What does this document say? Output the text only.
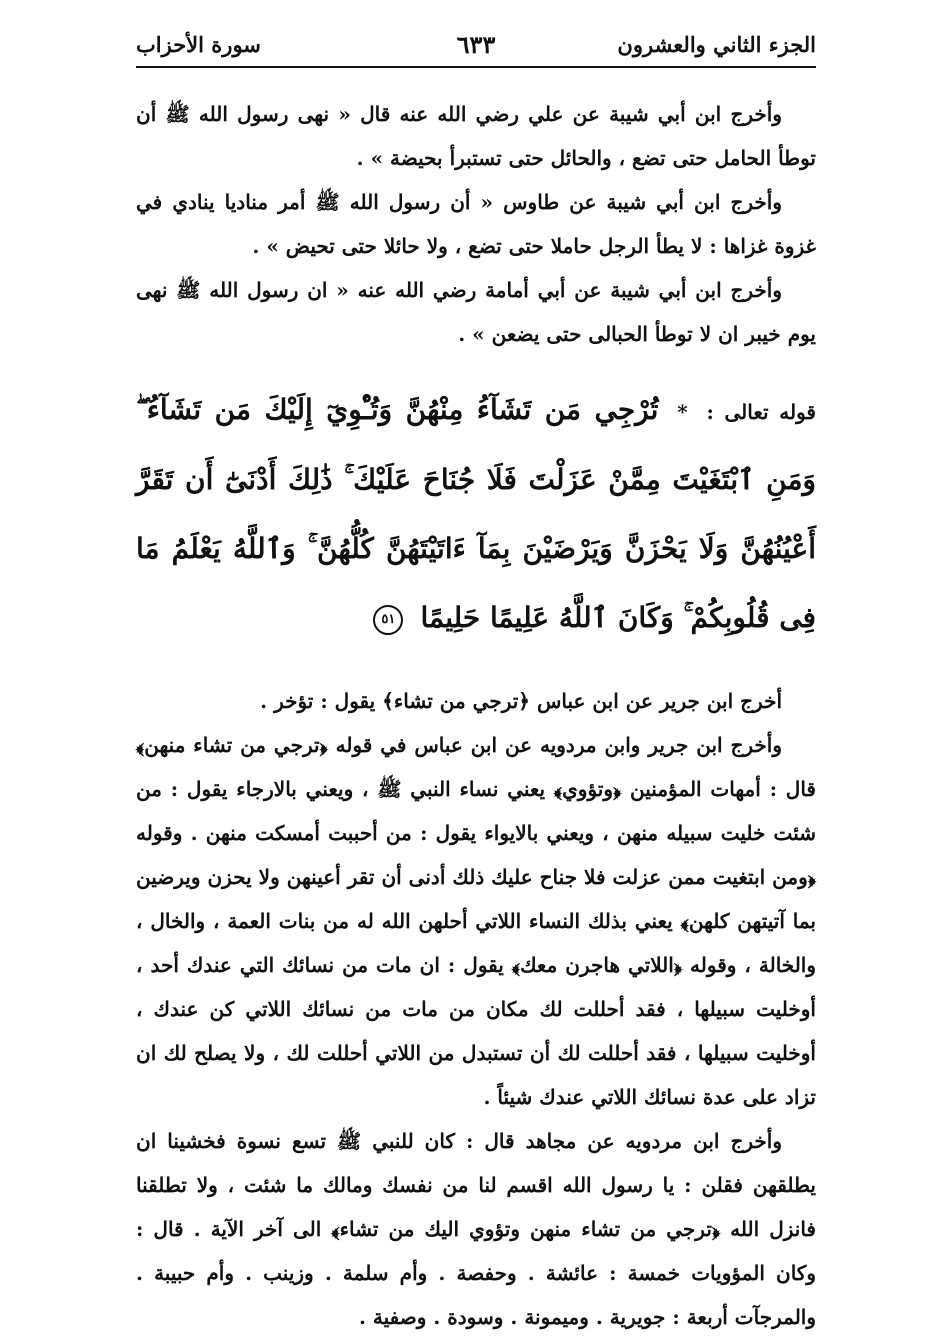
الجزء الثاني والعشرون
٦٣٣
سورة الأحزاب

وأخرج ابن أبي شيبة عن علي رضي الله عنه قال « نهى رسول الله ﷺ أن توطأ الحامل حتى تضع ، والحائل حتى تستبرأ بحيضة » .

وأخرج ابن أبي شيبة عن طاوس « أن رسول الله ﷺ أمر مناديا ينادي في غزوة غزاها : لا يطأ الرجل حاملا حتى تضع ، ولا حائلا حتى تحيض » .

وأخرج ابن أبي شيبة عن أبي أمامة رضي الله عنه « ان رسول الله ﷺ نهى يوم خيبر ان لا توطأ الحبالى حتى يضعن » .

قوله تعالى : * تُرْجِي مَن تَشَآءُ مِنْهُنَّ وَتُـْٔوِيٓ إِلَيْكَ مَن تَشَآءُ ۖ وَمَنِ ٱبْتَغَيْتَ مِمَّنْ عَزَلْتَ فَلَا جُنَاحَ عَلَيْكَ ۚ ذَٰلِكَ أَدْنَىٰٓ أَن تَقَرَّ أَعْيُنُهُنَّ وَلَا يَحْزَنَّ وَيَرْضَيْنَ بِمَآ ءَاتَيْتَهُنَّ كُلُّهُنَّ ۚ وَٱللَّهُ يَعْلَمُ مَا فِى قُلُوبِكُمْ ۚ وَكَانَ ٱللَّهُ عَلِيمًا حَلِيمًا ٥١

أخرج ابن جرير عن ابن عباس ﴿ترجي من تشاء﴾ يقول : تؤخر .

وأخرج ابن جرير وابن مردويه عن ابن عباس في قوله ﴿ترجي من تشاء منهن﴾ قال : أمهات المؤمنين ﴿وتؤوي﴾ يعني نساء النبي ﷺ ، ويعني بالارجاء يقول : من شئت خليت سبيله منهن ، ويعني بالايواء يقول : من أحببت أمسكت منهن . وقوله ﴿ومن ابتغيت ممن عزلت فلا جناح عليك ذلك أدنى أن تقر أعينهن ولا يحزن ويرضين بما آتيتهن كلهن﴾ يعني بذلك النساء اللاتي أحلهن الله له من بنات العمة ، والخال ، والخالة ، وقوله ﴿اللاتي هاجرن معك﴾ يقول : ان مات من نسائك التي عندك أحد ، أوخليت سبيلها ، فقد أحللت لك مكان من مات من نسائك اللاتي كن عندك ، أوخليت سبيلها ، فقد أحللت لك أن تستبدل من اللاتي أحللت لك ، ولا يصلح لك ان تزاد على عدة نسائك اللاتي عندك شيئاً .

وأخرج ابن مردويه عن مجاهد قال : كان للنبي ﷺ تسع نسوة فخشينا ان يطلقهن فقلن : يا رسول الله اقسم لنا من نفسك ومالك ما شئت ، ولا تطلقنا فانزل الله ﴿ترجي من تشاء منهن وتؤوي اليك من تشاء﴾ الى آخر الآية . قال : وكان المؤويات خمسة : عائشة . وحفصة . وأم سلمة . وزينب . وأم حبيبة . والمرجآت أربعة : جويرية . وميمونة . وسودة . وصفية .
